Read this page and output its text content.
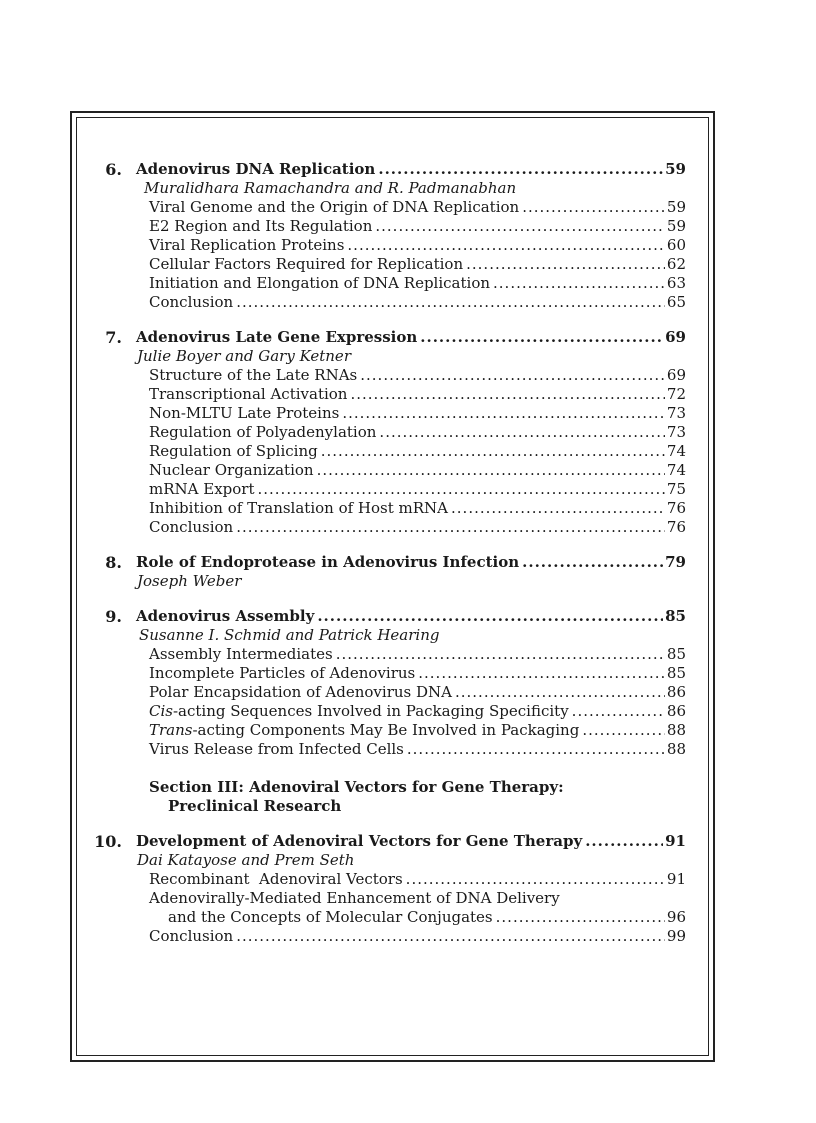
6. Adenovirus DNA Replication .....	59
Muralidhara Ramachandra and R. Padmanabhan
Viral Genome and the Origin of DNA Replication .....	59
E2 Region and Its Regulation .....	59
Viral Replication Proteins .....	60
Cellular Factors Required for Replication .....	62
Initiation and Elongation of DNA Replication .....	63
Conclusion .....	65
7. Adenovirus Late Gene Expression .....	69
Julie Boyer and Gary Ketner
Structure of the Late RNAs .....	69
Transcriptional Activation .....	72
Non-MLTU Late Proteins .....	73
Regulation of Polyadenylation .....	73
Regulation of Splicing .....	74
Nuclear Organization .....	74
mRNA Export .....	75
Inhibition of Translation of Host mRNA .....	76
Conclusion .....	76
8. Role of Endoprotease in Adenovirus Infection .....	79
Joseph Weber
9. Adenovirus Assembly .....	85
Susanne I. Schmid and Patrick Hearing
Assembly Intermediates .....	85
Incomplete Particles of Adenovirus .....	85
Polar Encapsidation of Adenovirus DNA .....	86
Cis-acting Sequences Involved in Packaging Specificity .....	86
Trans-acting Components May Be Involved in Packaging .....	88
Virus Release from Infected Cells .....	88
Section III: Adenoviral Vectors for Gene Therapy:
Preclinical Research
10. Development of Adenoviral Vectors for Gene Therapy .....	91
Dai Katayose and Prem Seth
Recombinant  Adenoviral Vectors .....	91
Adenovirally-Mediated Enhancement of DNA Delivery
and the Concepts of Molecular Conjugates .....	96
Conclusion .....	99
